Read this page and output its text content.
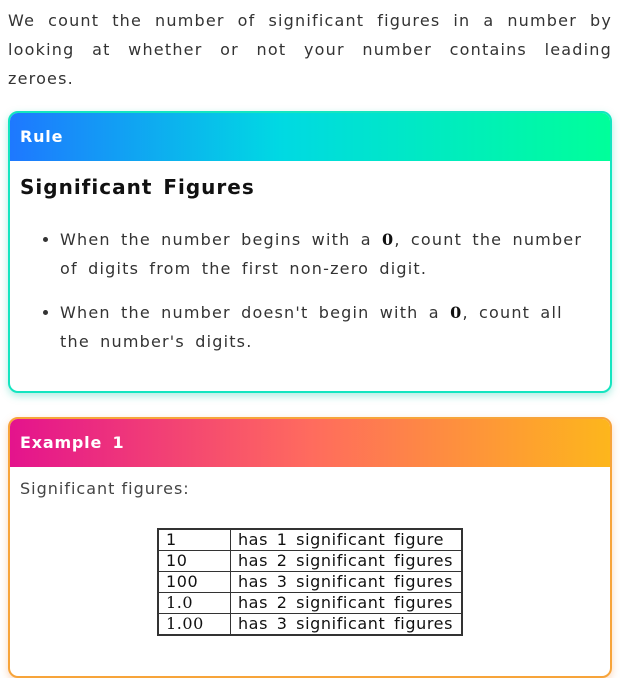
We count the number of significant figures in a number by looking at whether or not your number contains leading zeroes.

Rule
Significant Figures
• When the number begins with a 0, count the number of digits from the first non-zero digit.
• When the number doesn't begin with a 0, count all the number's digits.
Example 1
Significant figures:
1	has 1 significant figure
10	has 2 significant figures
100	has 3 significant figures
1.0	has 2 significant figures
1.00	has 3 significant figures
